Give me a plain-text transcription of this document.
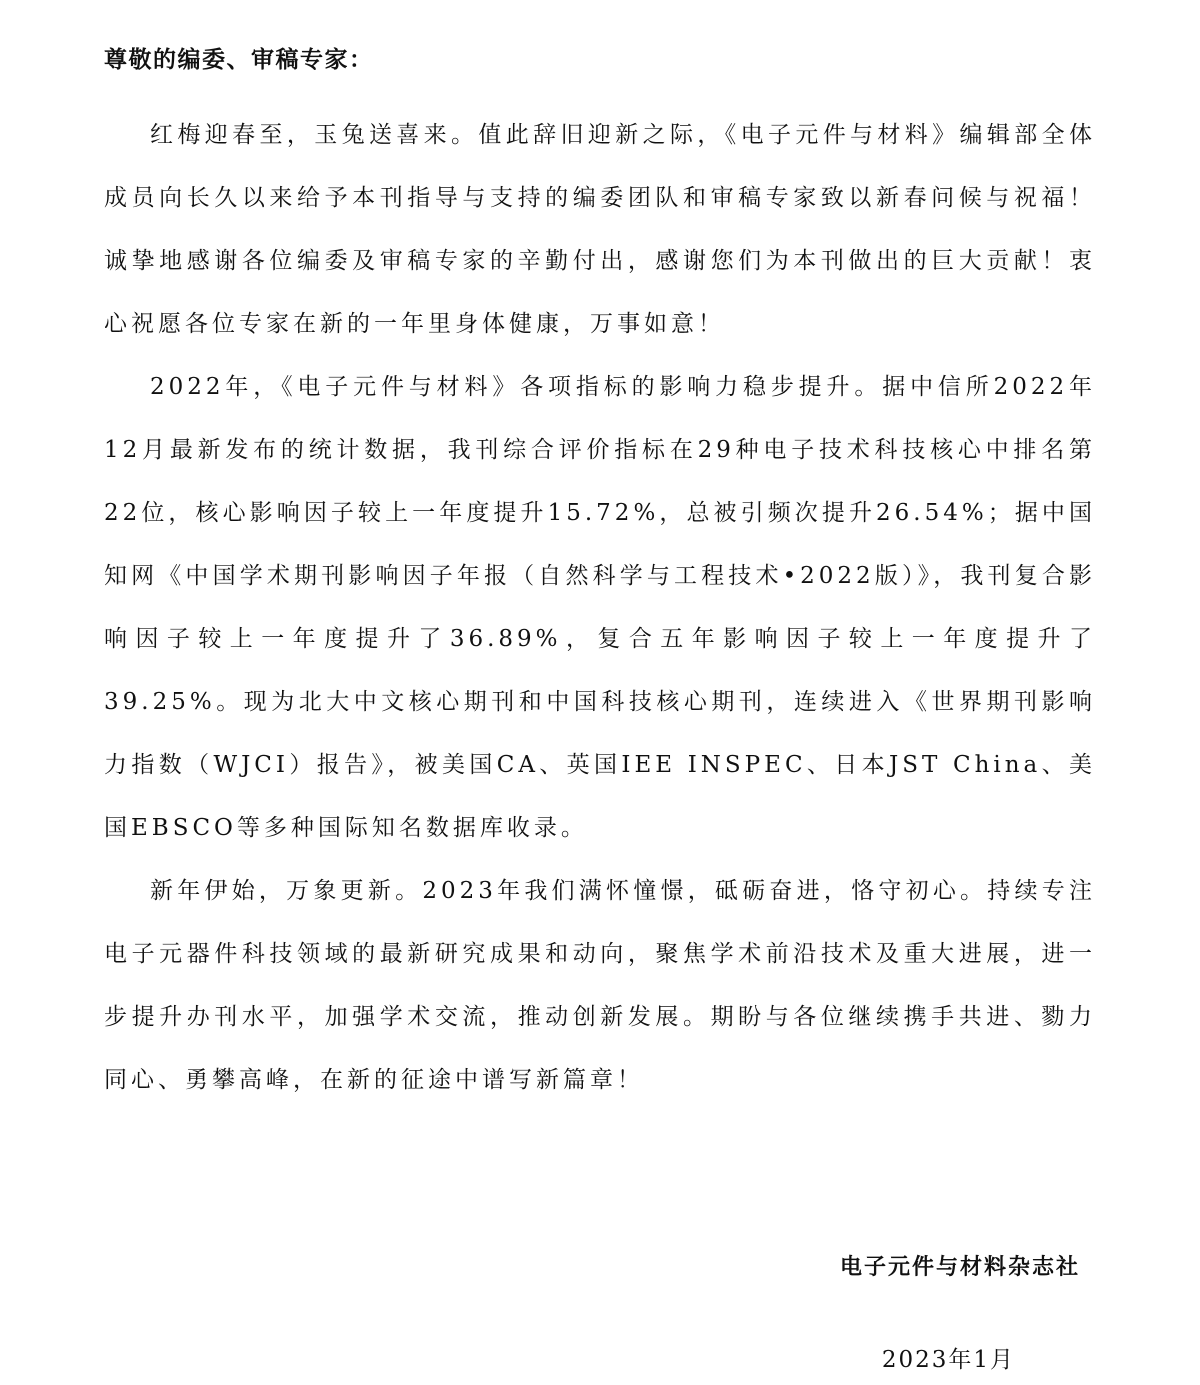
尊敬的编委、审稿专家：

红梅迎春至，玉兔送喜来。值此辞旧迎新之际，《电子元件与材料》编辑部全体成员向长久以来给予本刊指导与支持的编委团队和审稿专家致以新春问候与祝福！诚挚地感谢各位编委及审稿专家的辛勤付出，感谢您们为本刊做出的巨大贡献！衷心祝愿各位专家在新的一年里身体健康，万事如意！

2022年，《电子元件与材料》各项指标的影响力稳步提升。据中信所2022年12月最新发布的统计数据，我刊综合评价指标在29种电子技术科技核心中排名第22位，核心影响因子较上一年度提升15.72%，总被引频次提升26.54%；据中国知网《中国学术期刊影响因子年报（自然科学与工程技术•2022版）》，我刊复合影响因子较上一年度提升了36.89%，复合五年影响因子较上一年度提升了39.25%。现为北大中文核心期刊和中国科技核心期刊，连续进入《世界期刊影响力指数（WJCI）报告》，被美国CA、英国IEE INSPEC、日本JST China、美国EBSCO等多种国际知名数据库收录。

新年伊始，万象更新。2023年我们满怀憧憬，砥砺奋进，恪守初心。持续专注电子元器件科技领域的最新研究成果和动向，聚焦学术前沿技术及重大进展，进一步提升办刊水平，加强学术交流，推动创新发展。期盼与各位继续携手共进、勠力同心、勇攀高峰，在新的征途中谱写新篇章！

电子元件与材料杂志社
2023年1月
